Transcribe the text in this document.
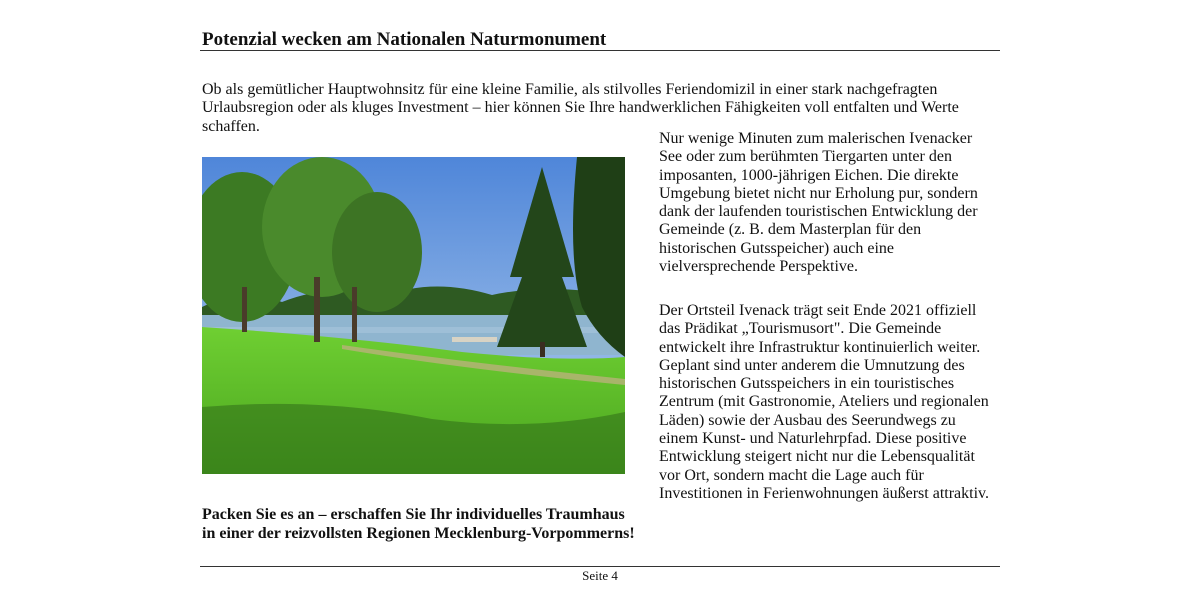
Potenzial wecken am Nationalen Naturmonument

Ob als gemütlicher Hauptwohnsitz für eine kleine Familie, als stilvolles Feriendomizil in einer stark nachgefragten Urlaubsregion oder als kluges Investment – hier können Sie Ihre handwerklichen Fähigkeiten voll entfalten und Werte schaffen.

Nur wenige Minuten zum malerischen Ivenacker See oder zum berühmten Tiergarten unter den imposanten, 1000-jährigen Eichen. Die direkte Umgebung bietet nicht nur Erholung pur, sondern dank der laufenden touristischen Entwicklung der Gemeinde (z. B. dem Masterplan für den historischen Gutsspeicher) auch eine vielversprechende Perspektive.

Der Ortsteil Ivenack trägt seit Ende 2021 offiziell das Prädikat „Tourismusort". Die Gemeinde entwickelt ihre Infrastruktur kontinuierlich weiter. Geplant sind unter anderem die Umnutzung des historischen Gutsspeichers in ein touristisches Zentrum (mit Gastronomie, Ateliers und regionalen Läden) sowie der Ausbau des Seerundwegs zu einem Kunst- und Naturlehrpfad. Diese positive Entwicklung steigert nicht nur die Lebensqualität vor Ort, sondern macht die Lage auch für Investitionen in Ferienwohnungen äußerst attraktiv.

Packen Sie es an – erschaffen Sie Ihr individuelles Traumhaus
in einer der reizvollsten Regionen Mecklenburg-Vorpommerns!

Seite 4
